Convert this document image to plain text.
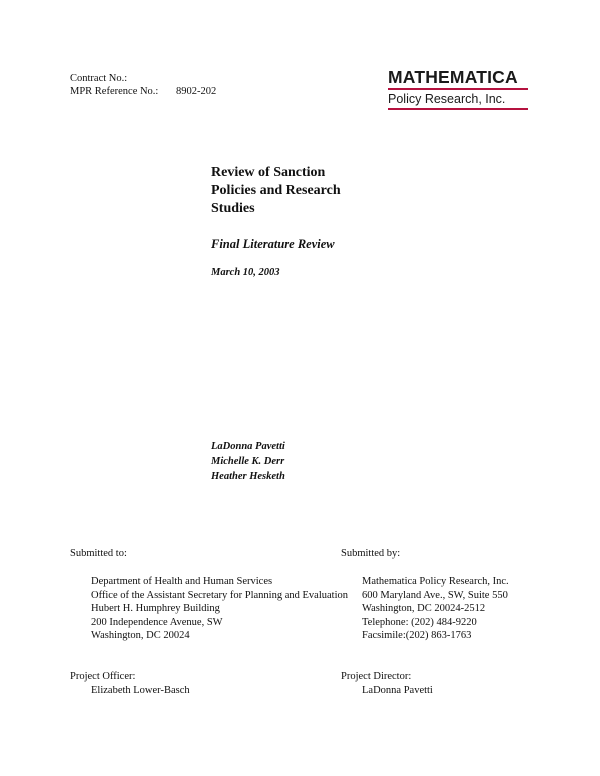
Contract No.:
MPR Reference No.:	8902-202
MATHEMATICA
Policy Research, Inc.
Review of Sanction
Policies and Research
Studies
Final Literature Review
March 10, 2003
LaDonna Pavetti
Michelle K. Derr
Heather Hesketh
Submitted to:
Department of Health and Human Services
Office of the Assistant Secretary for Planning and Evaluation
Hubert H. Humphrey Building
200 Independence Avenue, SW
Washington, DC 20024
Project Officer:
Elizabeth Lower-Basch
Submitted by:
Mathematica Policy Research, Inc.
600 Maryland Ave., SW, Suite 550
Washington, DC 20024-2512
Telephone: (202) 484-9220
Facsimile:(202) 863-1763
Project Director:
LaDonna Pavetti
